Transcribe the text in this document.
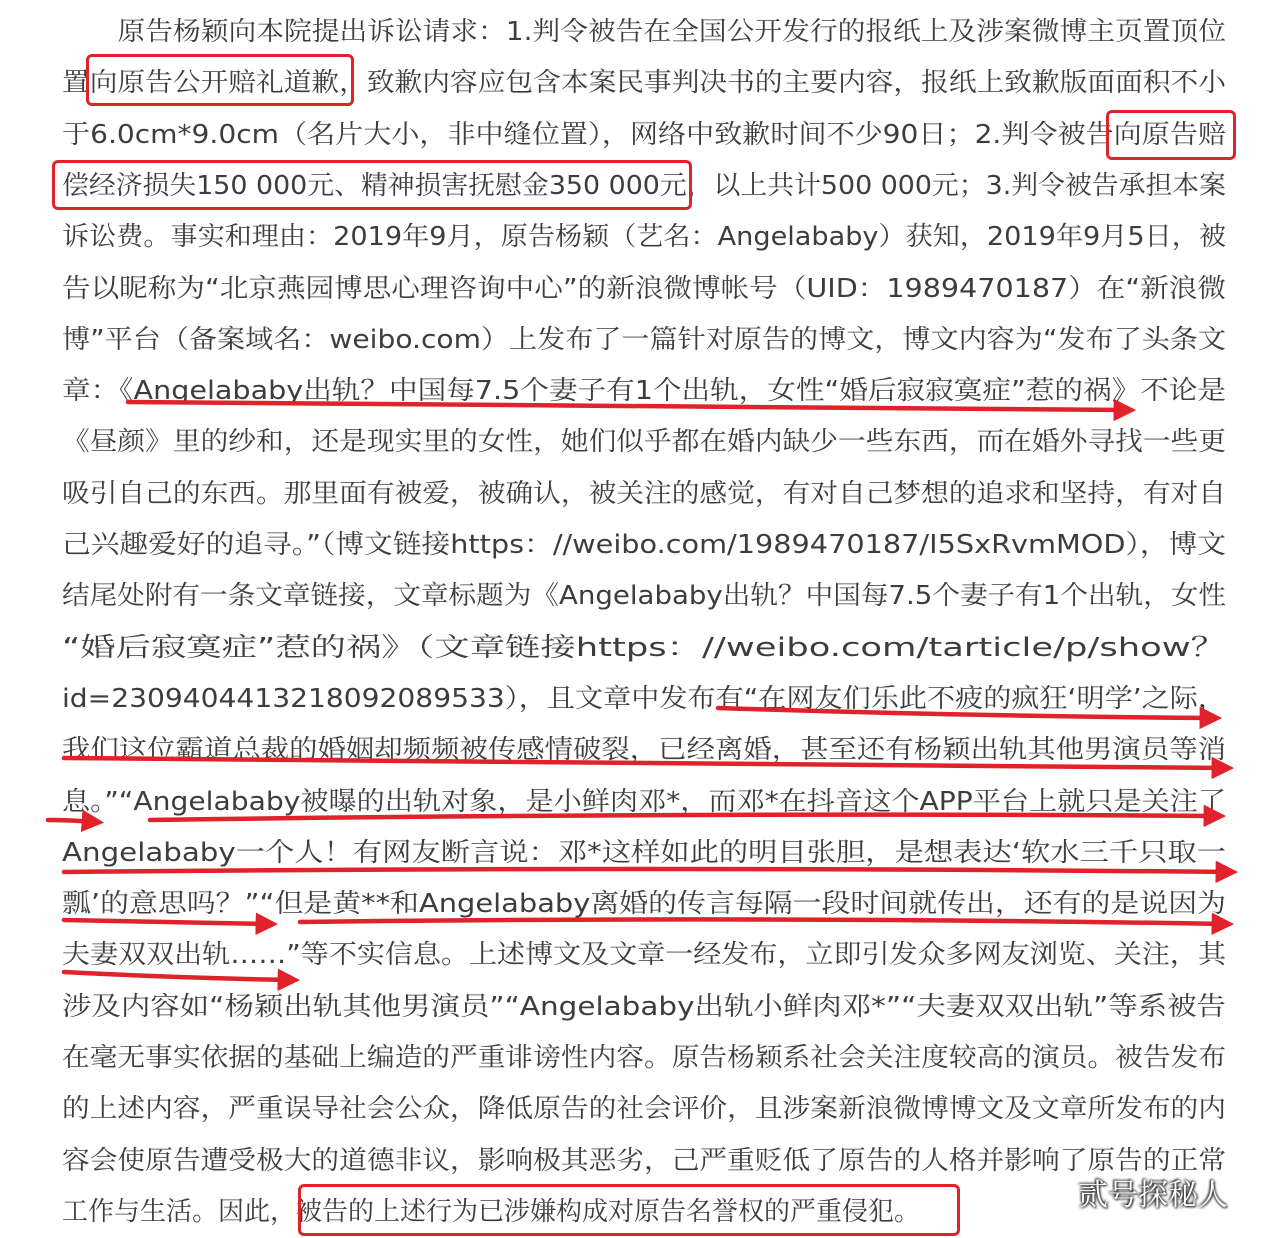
　　原告杨颖向本院提出诉讼请求：1.判令被告在全国公开发行的报纸上及涉案微博主页置顶位
置向原告公开赔礼道歉，致歉内容应包含本案民事判决书的主要内容，报纸上致歉版面面积不小
于6.0cm*9.0cm（名片大小，非中缝位置），网络中致歉时间不少90日；2.判令被告向原告赔
偿经济损失150 000元、精神损害抚慰金350 000元，以上共计500 000元；3.判令被告承担本案
诉讼费。事实和理由：2019年9月，原告杨颖（艺名：Angelababy）获知，2019年9月5日，被
告以昵称为“北京燕园博思心理咨询中心”的新浪微博帐号（UID：1989470187）在“新浪微
博”平台（备案域名：weibo.com）上发布了一篇针对原告的博文，博文内容为“发布了头条文
章：《Angelababy出轨？中国每7.5个妻子有1个出轨，女性“婚后寂寂寞症”惹的祸》不论是
《昼颜》里的纱和，还是现实里的女性，她们似乎都在婚内缺少一些东西，而在婚外寻找一些更
吸引自己的东西。那里面有被爱，被确认，被关注的感觉，有对自己梦想的追求和坚持，有对自
己兴趣爱好的追寻。”（博文链接https：//weibo.com/1989470187/I5SxRvmMOD），博文
结尾处附有一条文章链接，文章标题为《Angelababy出轨？中国每7.5个妻子有1个出轨，女性
“婚后寂寞症”惹的祸》（文章链接https：//weibo.com/tarticle/p/show？
id=2309404413218092089533），且文章中发布有“在网友们乐此不疲的疯狂‘明学’之际，
我们这位霸道总裁的婚姻却频频被传感情破裂，已经离婚，甚至还有杨颖出轨其他男演员等消
息。”“Angelababy被曝的出轨对象，是小鲜肉邓*，而邓*在抖音这个APP平台上就只是关注了
Angelababy一个人！有网友断言说：邓*这样如此的明目张胆，是想表达‘软水三千只取一
瓢’的意思吗？”“但是黄**和Angelababy离婚的传言每隔一段时间就传出，还有的是说因为
夫妻双双出轨……”等不实信息。上述博文及文章一经发布，立即引发众多网友浏览、关注，其
涉及内容如“杨颖出轨其他男演员”“Angelababy出轨小鲜肉邓*”“夫妻双双出轨”等系被告
在毫无事实依据的基础上编造的严重诽谤性内容。原告杨颖系社会关注度较高的演员。被告发布
的上述内容，严重误导社会公众，降低原告的社会评价，且涉案新浪微博博文及文章所发布的内
容会使原告遭受极大的道德非议，影响极其恶劣，己严重贬低了原告的人格并影响了原告的正常
工作与生活。因此，被告的上述行为已涉嫌构成对原告名誉权的严重侵犯。	贰号探秘人
